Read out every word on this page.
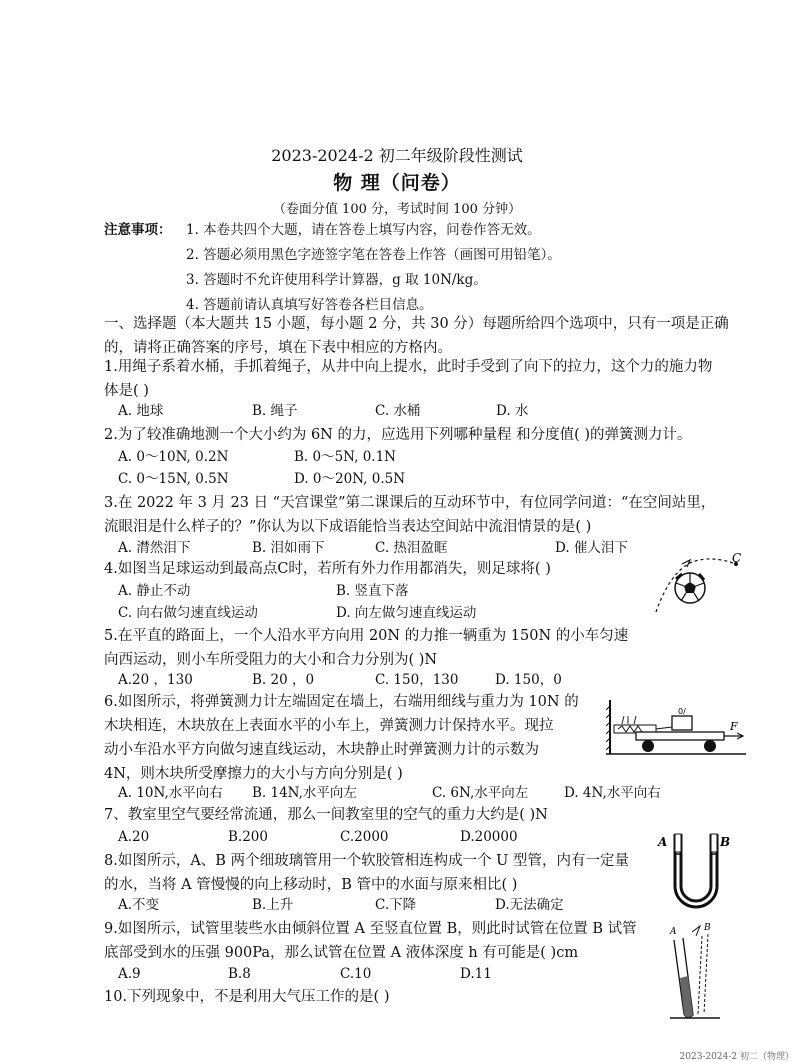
2023-2024-2 初二年级阶段性测试
物 理（问卷）
（卷面分值 100 分，考试时间 100 分钟）
注意事项： 1. 本卷共四个大题，请在答卷上填写内容，问卷作答无效。
2. 答题必须用黑色字迹签字笔在答卷上作答（画图可用铅笔）。
3. 答题时不允许使用科学计算器，g 取 10N/kg。
4. 答题前请认真填写好答卷各栏目信息。
一、选择题（本大题共 15 小题，每小题 2 分，共 30 分）每题所给四个选项中，只有一项是正确
的，请将正确答案的序号，填在下表中相应的方格内。
1.用绳子系着水桶，手抓着绳子，从井中向上提水，此时手受到了向下的拉力，这个力的施力物
体是( )
A. 地球	B. 绳子	C. 水桶	D. 水
2.为了较准确地测一个大小约为 6N 的力，应选用下列哪种量程 和分度值( )的弹簧测力计。
A. 0～10N, 0.2N	B. 0～5N, 0.1N
C. 0～15N, 0.5N	D. 0～20N, 0.5N
3.在 2022 年 3 月 23 日 “天宫课堂”第二课课后的互动环节中，有位同学问道：“在空间站里，
流眼泪是什么样子的？”你认为以下成语能恰当表达空间站中流泪情景的是( )
A. 潸然泪下	B. 泪如雨下	C. 热泪盈眶	D. 催人泪下
4.如图当足球运动到最高点C时，若所有外力作用都消失，则足球将( )
A. 静止不动	B. 竖直下落
C. 向右做匀速直线运动	D. 向左做匀速直线运动
5.在平直的路面上，一个人沿水平方向用 20N 的力推一辆重为 150N 的小车匀速
向西运动，则小车所受阻力的大小和合力分别为( )N
A.20 ，130	B. 20 ，0	C. 150，130	D. 150，0
6.如图所示，将弹簧测力计左端固定在墙上，右端用细线与重力为 10N 的
木块相连，木块放在上表面水平的小车上，弹簧测力计保持水平。现拉
动小车沿水平方向做匀速直线运动，木块静止时弹簧测力计的示数为
4N，则木块所受摩擦力的大小与方向分别是( )
A. 10N,水平向右 B. 14N,水平向左	C. 6N,水平向左	D. 4N,水平向右
7、教室里空气要经常流通，那么一间教室里的空气的重力大约是( )N
A.20	B.200	C.2000	D.20000
8.如图所示，A、B 两个细玻璃管用一个软胶管相连构成一个 U 型管，内有一定量
的水，当将 A 管慢慢的向上移动时，B 管中的水面与原来相比( )
A.不变	B.上升	C.下降	D.无法确定
9.如图所示，试管里装些水由倾斜位置 A 至竖直位置 B，则此时试管在位置 B 试管
底部受到水的压强 900Pa，那么试管在位置 A 液体深度 h 有可能是( )cm
A.9	B.8	C.10	D.11
10.下列现象中，不是利用大气压工作的是( )
C
0/
F
A	B
A	B
2023-2024-2 初二（物理）
